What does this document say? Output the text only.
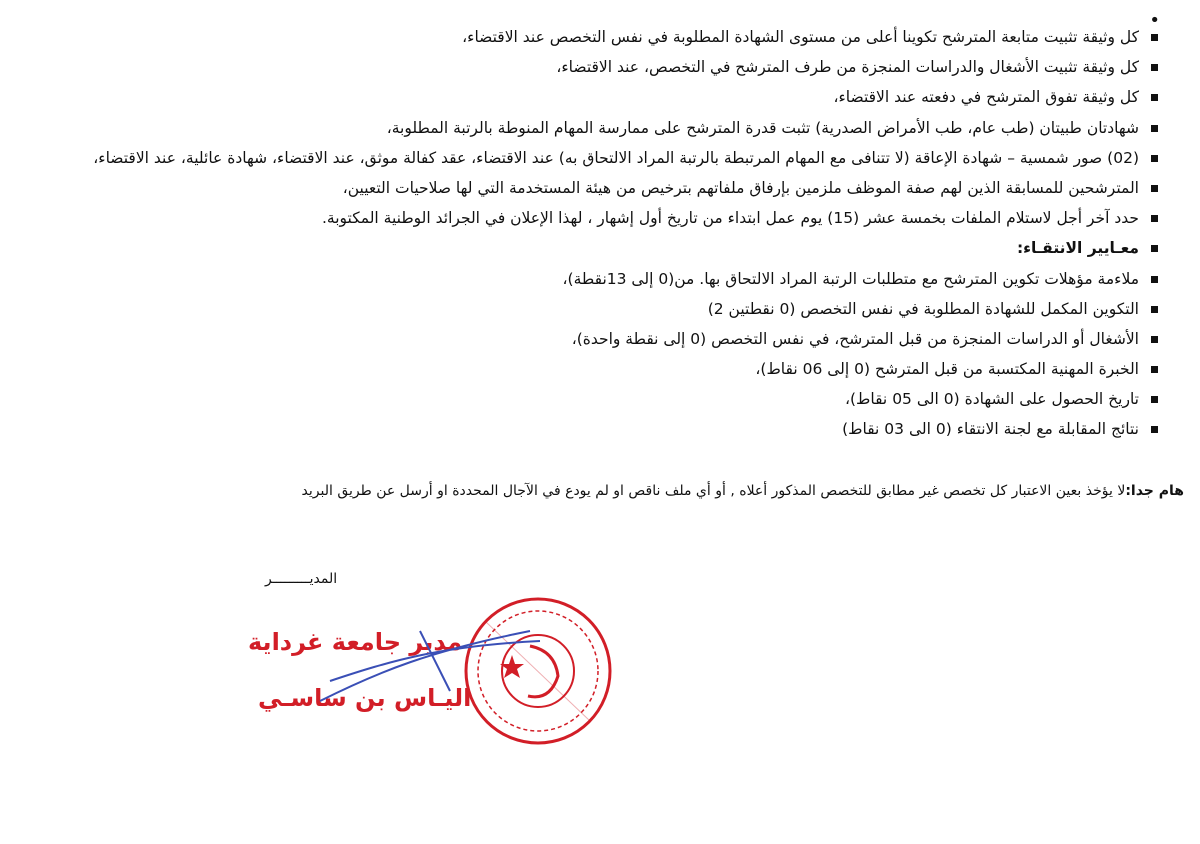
•
كل وثيقة تثبيت متابعة المترشح تكوينا أعلى من مستوى الشهادة المطلوبة في نفس التخصص عند الاقتضاء،
كل وثيقة تثبيت الأشغال والدراسات المنجزة من طرف المترشح في التخصص، عند الاقتضاء،
كل وثيقة تفوق المترشح في دفعته عند الاقتضاء،
شهادتان طبيتان (طب عام، طب الأمراض الصدرية) تثبت قدرة المترشح على ممارسة المهام المنوطة بالرتبة المطلوبة،
(02) صور شمسية – شهادة الإعاقة (لا تتنافى مع المهام المرتبطة بالرتبة المراد الالتحاق به) عند الاقتضاء، عقد كفالة موثق، عند الاقتضاء، شهادة عائلية، عند الاقتضاء،
المترشحين للمسابقة الذين لهم صفة الموظف ملزمين بإرفاق ملفاتهم بترخيص من هيئة المستخدمة التي لها صلاحيات التعيين،
حدد آخر أجل لاستلام الملفات بخمسة عشر (15) يوم عمل ابتداء من تاريخ أول إشهار ، لهذا الإعلان في الجرائد الوطنية المكتوبة.
معـايير الانتقـاء:
ملاءمة مؤهلات تكوين المترشح مع متطلبات الرتبة المراد الالتحاق بها. من(0 إلى 13نقطة)،
التكوين المكمل للشهادة المطلوبة في نفس التخصص (0 نقطتين 2)
الأشغال أو الدراسات المنجزة من قبل المترشح، في نفس التخصص (0 إلى نقطة واحدة)،
الخبرة المهنية المكتسبة من قبل المترشح (0 إلى 06 نقاط)،
تاريخ الحصول على الشهادة (0 الى 05 نقاط)،
نتائج المقابلة مع لجنة الانتقاء (0 الى 03 نقاط)
هام جدا:لا يؤخذ بعين الاعتبار كل تخصص غير مطابق للتخصص المذكور أعلاه , أو أي ملف ناقص او لم يودع في الآجال المحددة او أرسل عن طريق البريد
المديـــــــــر
مدير جامعة غرداية
اليـاس بن ساسـي
